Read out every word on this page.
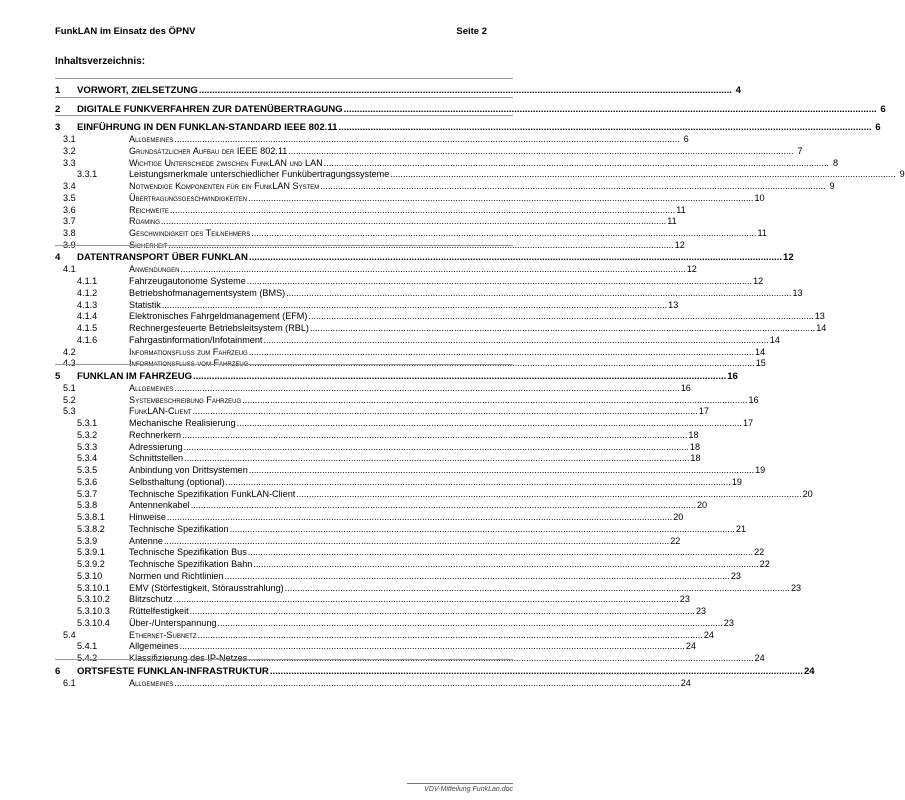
FunkLAN im Einsatz des ÖPNV	Seite 2
Inhaltsverzeichnis:
1 VORWORT, ZIELSETZUNG ........................................................................................................................................................................................................ 4
2 DIGITALE FUNKVERFAHREN ZUR DATENÜBERTRAGUNG ........................................................................................................................................................................................................ 6
3 EINFÜHRUNG IN DEN FUNKLAN-STANDARD IEEE 802.11 ........................................................................................................................................................................................................ 6
3.1	Allgemeines ........................................................................................................................................................................................................ 6
3.2	Grundsätzlicher Aufbau der IEEE 802.11 ........................................................................................................................................................................................................ 7
3.3	Wichtige Unterschiede zwischen FunkLAN und LAN ........................................................................................................................................................................................................ 8
3.3.1	Leistungsmerkmale unterschiedlicher Funkübertragungssysteme ........................................................................................................................................................................................................ 9
3.4	Notwendige Komponenten für ein FunkLAN System ........................................................................................................................................................................................................ 9
3.5	Übertragungsgeschwindigkeiten ........................................................................................................................................................................................................ 10
3.6	Reichweite ........................................................................................................................................................................................................ 11
3.7	Roaming ........................................................................................................................................................................................................ 11
3.8	Geschwindigkeit des Teilnehmers ........................................................................................................................................................................................................ 11
3.9	Sicherheit ........................................................................................................................................................................................................ 12
4 DATENTRANSPORT ÜBER FUNKLAN ........................................................................................................................................................................................................ 12
4.1	Anwendungen ........................................................................................................................................................................................................ 12
4.1.1	Fahrzeugautonome Systeme ........................................................................................................................................................................................................ 12
4.1.2	Betriebshofmanagementsystem (BMS) ........................................................................................................................................................................................................ 13
4.1.3	Statistik ........................................................................................................................................................................................................ 13
4.1.4	Elektronisches Fahrgeldmanagement (EFM) ........................................................................................................................................................................................................ 13
4.1.5	Rechnergesteuerte Betriebsleitsystem (RBL) ........................................................................................................................................................................................................ 14
4.1.6	Fahrgastinformation/Infotainment ........................................................................................................................................................................................................ 14
4.2	Informationsfluss zum Fahrzeug ........................................................................................................................................................................................................ 14
4.3	Informationsfluss vom Fahrzeug ........................................................................................................................................................................................................ 15
5 FUNKLAN IM FAHRZEUG ........................................................................................................................................................................................................ 16
5.1	Allgemeines ........................................................................................................................................................................................................ 16
5.2	Systembeschreibung Fahrzeug ........................................................................................................................................................................................................ 16
5.3	FunkLAN-Client ........................................................................................................................................................................................................ 17
5.3.1	Mechanische Realisierung ........................................................................................................................................................................................................ 17
5.3.2	Rechnerkern ........................................................................................................................................................................................................ 18
5.3.3	Adressierung ........................................................................................................................................................................................................ 18
5.3.4	Schnittstellen ........................................................................................................................................................................................................ 18
5.3.5	Anbindung von Drittsystemen ........................................................................................................................................................................................................ 19
5.3.6	Selbsthaltung (optional) ........................................................................................................................................................................................................ 19
5.3.7	Technische Spezifikation FunkLAN-Client ........................................................................................................................................................................................................ 20
5.3.8	Antennenkabel ........................................................................................................................................................................................................ 20
5.3.8.1	Hinweise ........................................................................................................................................................................................................ 20
5.3.8.2	Technische Spezifikation ........................................................................................................................................................................................................ 21
5.3.9	Antenne ........................................................................................................................................................................................................ 22
5.3.9.1	Technische Spezifikation Bus ........................................................................................................................................................................................................ 22
5.3.9.2	Technische Spezifikation Bahn ........................................................................................................................................................................................................ 22
5.3.10	Normen und Richtlinien ........................................................................................................................................................................................................ 23
5.3.10.1 EMV (Störfestigkeit, Störausstrahlung) ........................................................................................................................................................................................................ 23
5.3.10.2 Blitzschutz ........................................................................................................................................................................................................ 23
5.3.10.3 Rüttelfestigkeit ........................................................................................................................................................................................................ 23
5.3.10.4 Über-/Unterspannung ........................................................................................................................................................................................................ 23
5.4	Ethernet-Subnetz ........................................................................................................................................................................................................ 24
5.4.1	Allgemeines ........................................................................................................................................................................................................ 24
5.4.2	Klassifizierung des IP-Netzes ........................................................................................................................................................................................................ 24
6 ORTSFESTE FUNKLAN-INFRASTRUKTUR ........................................................................................................................................................................................................ 24
6.1	Allgemeines ........................................................................................................................................................................................................ 24
VDV-Mitteilung FunkLan.doc
